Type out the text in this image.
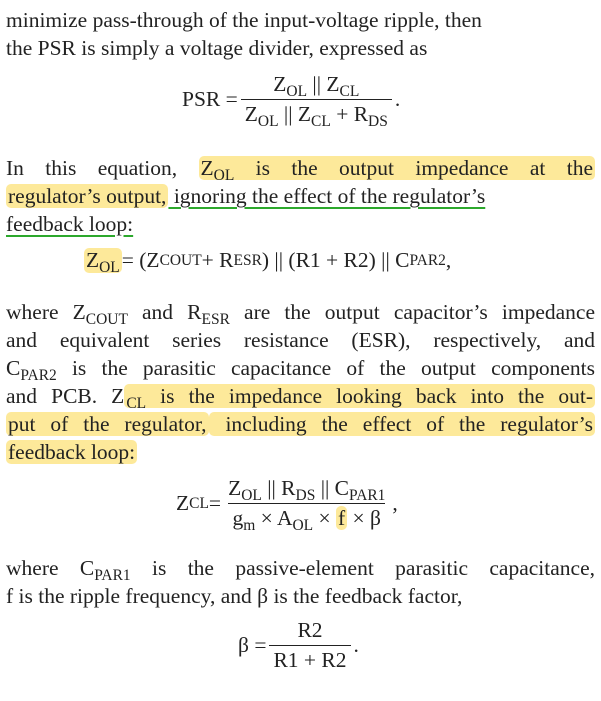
minimize pass-through of the input-voltage ripple, then
the PSR is simply a voltage divider, expressed as
PSR = $\frac{Z_{OL} || Z_{CL}}{Z_{OL} || Z_{CL} + R_{DS}}$ .
In this equation, $Z_{OL}$ is the output impedance at the
regulator’s output, ignoring the effect of the regulator’s
feedback loop:
$Z_{OL} = (Z$ COUT + R ESR ) || (R1 + R2) || C PAR2 ,
where $Z_{COUT}$ and $R_{ESR}$ are the output capacitor’s impedance
and equivalent series resistance (ESR), respectively, and
$C_{PAR2}$ is the parasitic capacitance of the output components
and PCB. Z $_{CL}$ is the impedance looking back into the out-
put of the regulator, including the effect of the regulator’s
feedback loop:
Z CL = $\frac{Z_{OL} || R_{DS} || C_{PAR1}}{g_m \times A_{OL} \times f \times \beta}$ ,
where $C_{PAR1}$ is the passive-element parasitic capacitance,
f is the ripple frequency, and β is the feedback factor,
$\beta = \frac{R2}{R1 + R2}$ .
